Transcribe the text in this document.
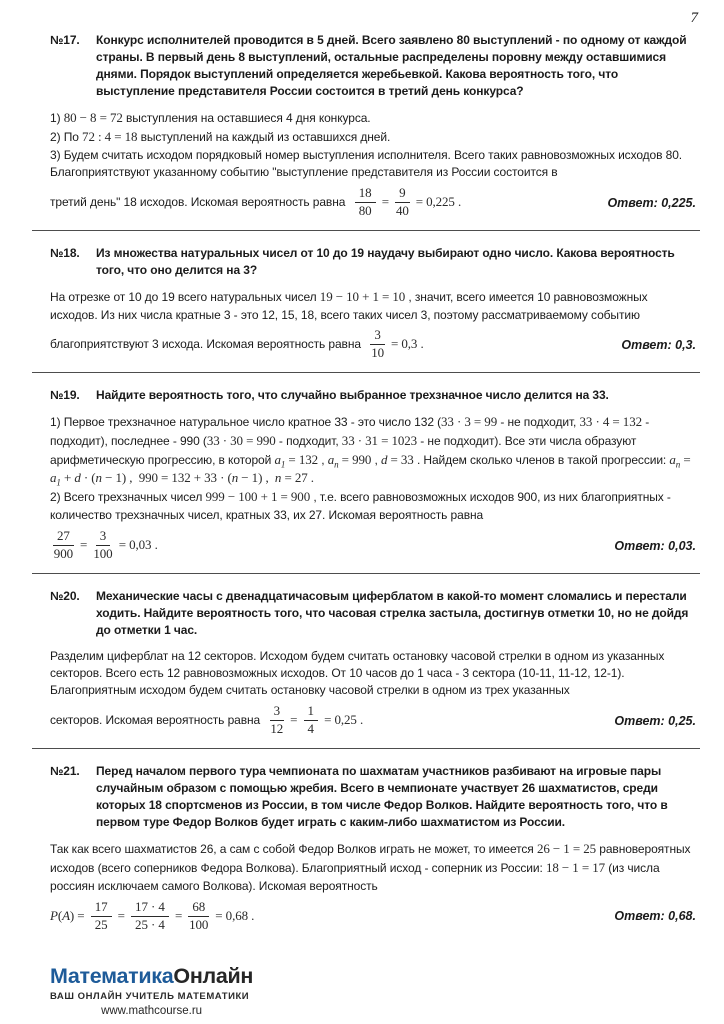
7
№17.	Конкурс исполнителей проводится в 5 дней. Всего заявлено 80 выступлений - по одному от каждой страны. В первый день 8 выступлений, остальные распределены поровну между оставшимися днями. Порядок выступлений определяется жеребьевкой. Какова вероятность того, что выступление представителя России состоится в третий день конкурса?

1) 80 − 8 = 72 выступления на оставшиеся 4 дня конкурса.

2) По 72 : 4 = 18 выступлений на каждый из оставшихся дней.

3) Будем считать исходом порядковый номер выступления исполнителя. Всего таких равновозможных исходов 80. Благоприятствуют указанному событию "выступление представителя из России состоится в

третий день" 18 исходов. Искомая вероятность равна $\frac{18}{80} = \frac{9}{40} = 0,225$ .	Ответ: 0,225.
№18.	Из множества натуральных чисел от 10 до 19 наудачу выбирают одно число. Какова вероятность того, что оно делится на 3?

На отрезке от 10 до 19 всего натуральных чисел 19 − 10 + 1 = 10 , значит, всего имеется 10 равновозможных исходов. Из них числа кратные 3 - это 12, 15, 18, всего таких чисел 3, поэтому рассматриваемому событию

благоприятствуют 3 исхода. Искомая вероятность равна $\frac{3}{10} = 0,3$ .	Ответ: 0,3.
№19.	Найдите вероятность того, что случайно выбранное трехзначное число делится на 33.

1) Первое трехзначное натуральное число кратное 33 - это число 132 (33 · 3 = 99 - не подходит, 33 · 4 = 132 - подходит), последнее - 990 (33 · 30 = 990 - подходит, 33 · 31 = 1023 - не подходит). Все эти числа образуют арифметическую прогрессию, в которой $a_1 = 132$ , $a_n = 990$ , d = 33 . Найдем сколько членов в такой прогрессии: $a_n = a_1 + d \cdot (n - 1)$ ,  990 = 132 + 33 · (n − 1) ,  n = 27 .

2) Всего трехзначных чисел 999 − 100 + 1 = 900 , т.е. всего равновозможных исходов 900, из них благоприятных - количество трехзначных чисел, кратных 33, их 27. Искомая вероятность равна

$\frac{27}{900} = \frac{3}{100} = 0,03$ .	Ответ: 0,03.
№20.	Механические часы с двенадцатичасовым циферблатом в какой-то момент сломались и перестали ходить. Найдите вероятность того, что часовая стрелка застыла, достигнув отметки 10, но не дойдя до отметки 1 час.

Разделим циферблат на 12 секторов. Исходом будем считать остановку часовой стрелки в одном из указанных секторов. Всего есть 12 равновозможных исходов. От 10 часов до 1 часа - 3 сектора (10-11, 11-12, 12-1). Благоприятным исходом будем считать остановку часовой стрелки в одном из трех указанных

секторов. Искомая вероятность равна $\frac{3}{12} = \frac{1}{4} = 0,25$ .	Ответ: 0,25.
№21.	Перед началом первого тура чемпионата по шахматам участников разбивают на игровые пары случайным образом с помощью жребия. Всего в чемпионате участвует 26 шахматистов, среди которых 18 спортсменов из России, в том числе Федор Волков. Найдите вероятность того, что в первом туре Федор Волков будет играть с каким-либо шахматистом из России.

Так как всего шахматистов 26, а сам с собой Федор Волков играть не может, то имеется 26 − 1 = 25 равновероятных исходов (всего соперников Федора Волкова). Благоприятный исход - соперник из России: 18 − 1 = 17 (из числа россиян исключаем самого Волкова). Искомая вероятность

P ( A ) = $\frac{17}{25} = \frac{17 \cdot 4}{25 \cdot 4} = \frac{68}{100} = 0,68$ .	Ответ: 0,68.
МатематикаОнлайн
ВАШ ОНЛАЙН УЧИТЕЛЬ МАТЕМАТИКИ
www.mathcourse.ru
